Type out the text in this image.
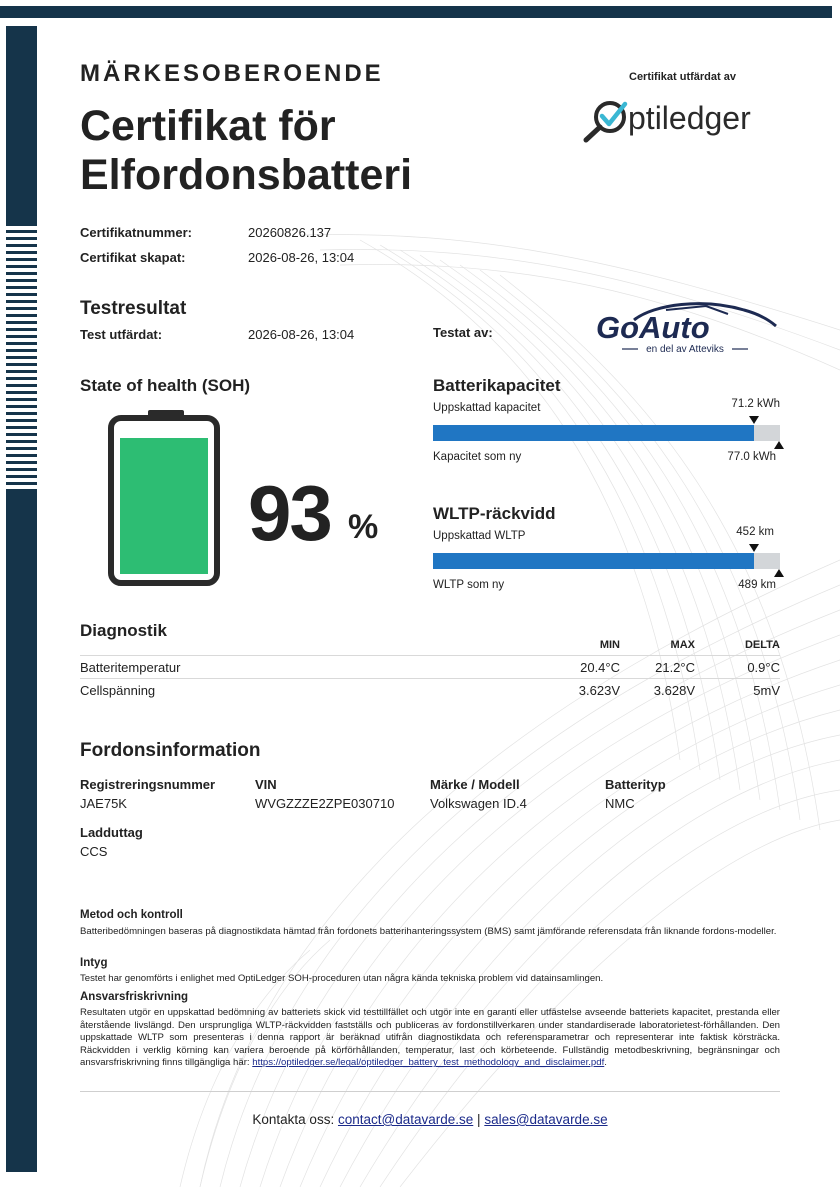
MÄRKESOBEROENDE
Certifikat för
Elfordonsbatteri
Certifikat utfärdat av
ptiledger
Certifikatnummer:	20260826.137
Certifikat skapat:	2026-08-26, 13:04
Testresultat
Test utfärdat:	2026-08-26, 13:04	Testat av:	GoAuto
en del av Atteviks
State of health (SOH)
93 %
Batterikapacitet
Uppskattad kapacitet	71.2 kWh
Kapacitet som ny	77.0 kWh
WLTP-räckvidd
Uppskattad WLTP	452 km
WLTP som ny	489 km
Diagnostik
	MIN	MAX	DELTA
Batteritemperatur	20.4°C	21.2°C	0.9°C
Cellspänning	3.623V	3.628V	5mV
Fordonsinformation
Registreringsnummer
JAE75K
VIN
WVGZZZE2ZPE030710
Märke / Modell
Volkswagen ID.4
Batterityp
NMC
Ladduttag
CCS
Metod och kontroll
Batteribedömningen baseras på diagnostikdata hämtad från fordonets batterihanteringssystem (BMS) samt jämförande referensdata från liknande fordons-modeller.
Intyg
Testet har genomförts i enlighet med OptiLedger SOH-proceduren utan några kända tekniska problem vid datainsamlingen.
Ansvarsfriskrivning
Resultaten utgör en uppskattad bedömning av batteriets skick vid testtillfället och utgör inte en garanti eller utfästelse avseende batteriets kapacitet, prestanda eller återstående livslängd. Den ursprungliga WLTP-räckvidden fastställs och publiceras av fordonstillverkaren under standardiserade laboratorietest-förhållanden. Den uppskattade WLTP som presenteras i denna rapport är beräknad utifrån diagnostikdata och referensparametrar och representerar inte faktisk körsträcka. Räckvidden i verklig körning kan variera beroende på körförhållanden, temperatur, last och körbeteende. Fullständig metodbeskrivning, begränsningar och ansvarsfriskrivning finns tillgängliga här: https://optiledger.se/legal/optiledger_battery_test_methodology_and_disclaimer.pdf.
Kontakta oss: contact@datavarde.se | sales@datavarde.se
